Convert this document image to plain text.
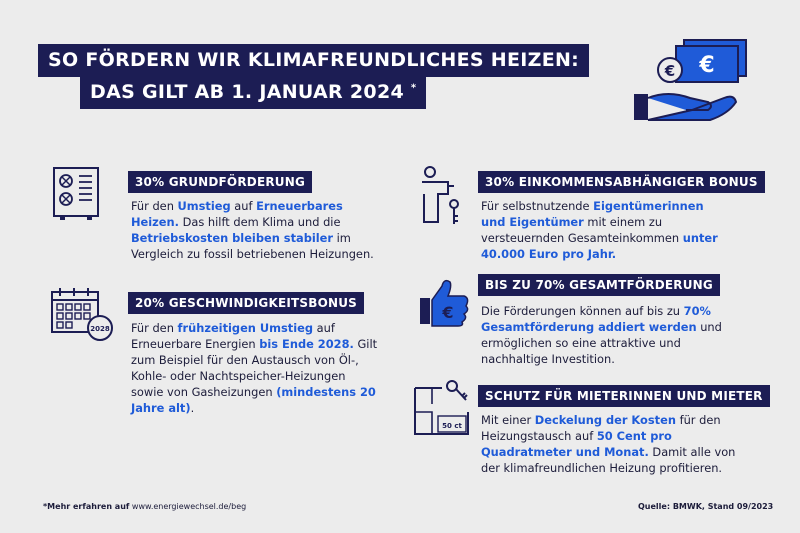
SO FÖRDERN WIR KLIMAFREUNDLICHES HEIZEN:
DAS GILT AB 1. JANUAR 2024 *
€
€
2028
€
50 ct
30% GRUNDFÖRDERUNG
20% GESCHWINDIGKEITSBONUS
30% EINKOMMENSABHÄNGIGER BONUS
BIS ZU 70% GESAMTFÖRDERUNG
SCHUTZ FÜR MIETERINNEN UND MIETER
Für den Umstieg auf Erneuerbares Heizen. Das hilft dem Klima und die Betriebskosten bleiben stabiler im Vergleich zu fossil betriebenen Heizungen.
Für den frühzeitigen Umstieg auf Erneuerbare Energien bis Ende 2028. Gilt zum Beispiel für den Austausch von Öl-, Kohle- oder Nachtspeicher-Heizungen sowie von Gasheizungen (mindestens 20 Jahre alt).
Für selbstnutzende Eigentümerinnen und Eigentümer mit einem zu versteuernden Gesamteinkommen unter 40.000 Euro pro Jahr.
Die Förderungen können auf bis zu 70% Gesamtförderung addiert werden und ermöglichen so eine attraktive und nachhaltige Investition.
Mit einer Deckelung der Kosten für den Heizungstausch auf 50 Cent pro Quadratmeter und Monat. Damit alle von der klimafreundlichen Heizung profitieren.
*Mehr erfahren auf www.energiewechsel.de/beg	Quelle: BMWK, Stand 09/2023
